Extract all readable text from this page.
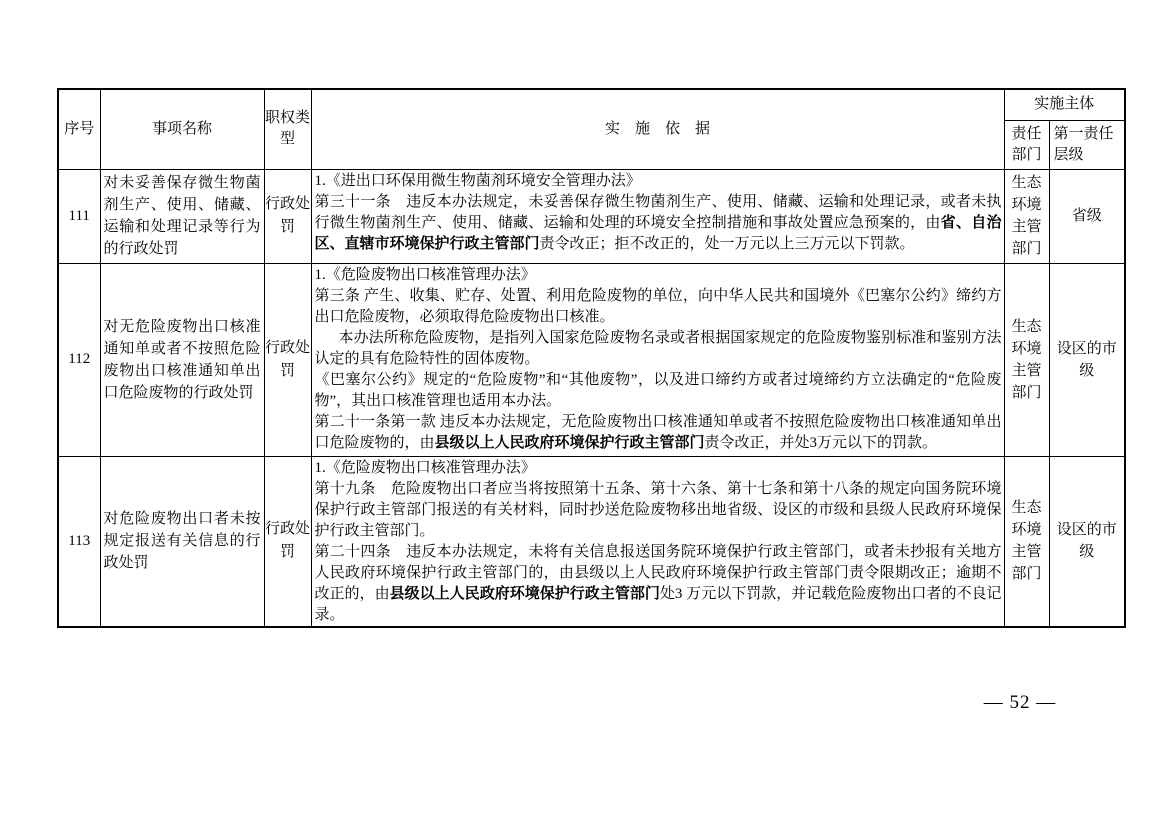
序号	事项名称	职权类型	实　施　依　据	实施主体	
				责任部门	第一责任层级
111	对未妥善保存微生物菌剂生产、使用、储藏、运输和处理记录等行为的行政处罚	行政处罚	1.《进出口环保用微生物菌剂环境安全管理办法》
第三十一条　违反本办法规定，未妥善保存微生物菌剂生产、使用、储藏、运输和处理记录，或者未执行微生物菌剂生产、使用、储藏、运输和处理的环境安全控制措施和事故处置应急预案的，由省、自治区、直辖市环境保护行政主管部门责令改正；拒不改正的，处一万元以上三万元以下罚款。	生态环境主管部门	省级
112	对无危险废物出口核准通知单或者不按照危险废物出口核准通知单出口危险废物的行政处罚	行政处罚	1.《危险废物出口核准管理办法》
第三条 产生、收集、贮存、处置、利用危险废物的单位，向中华人民共和国境外《巴塞尔公约》缔约方出口危险废物，必须取得危险废物出口核准。
本办法所称危险废物，是指列入国家危险废物名录或者根据国家规定的危险废物鉴别标准和鉴别方法认定的具有危险特性的固体废物。
《巴塞尔公约》规定的“危险废物”和“其他废物”，以及进口缔约方或者过境缔约方立法确定的“危险废物”，其出口核准管理也适用本办法。
第二十一条第一款 违反本办法规定，无危险废物出口核准通知单或者不按照危险废物出口核准通知单出口危险废物的，由县级以上人民政府环境保护行政主管部门责令改正，并处3万元以下的罚款。	生态环境主管部门	设区的市级
113	对危险废物出口者未按规定报送有关信息的行政处罚	行政处罚	1.《危险废物出口核准管理办法》
第十九条　危险废物出口者应当将按照第十五条、第十六条、第十七条和第十八条的规定向国务院环境保护行政主管部门报送的有关材料，同时抄送危险废物移出地省级、设区的市级和县级人民政府环境保护行政主管部门。
第二十四条　违反本办法规定，未将有关信息报送国务院环境保护行政主管部门，或者未抄报有关地方人民政府环境保护行政主管部门的，由县级以上人民政府环境保护行政主管部门责令限期改正；逾期不改正的，由县级以上人民政府环境保护行政主管部门处3 万元以下罚款，并记载危险废物出口者的不良记录。	生态环境主管部门	设区的市级
— 52 —
